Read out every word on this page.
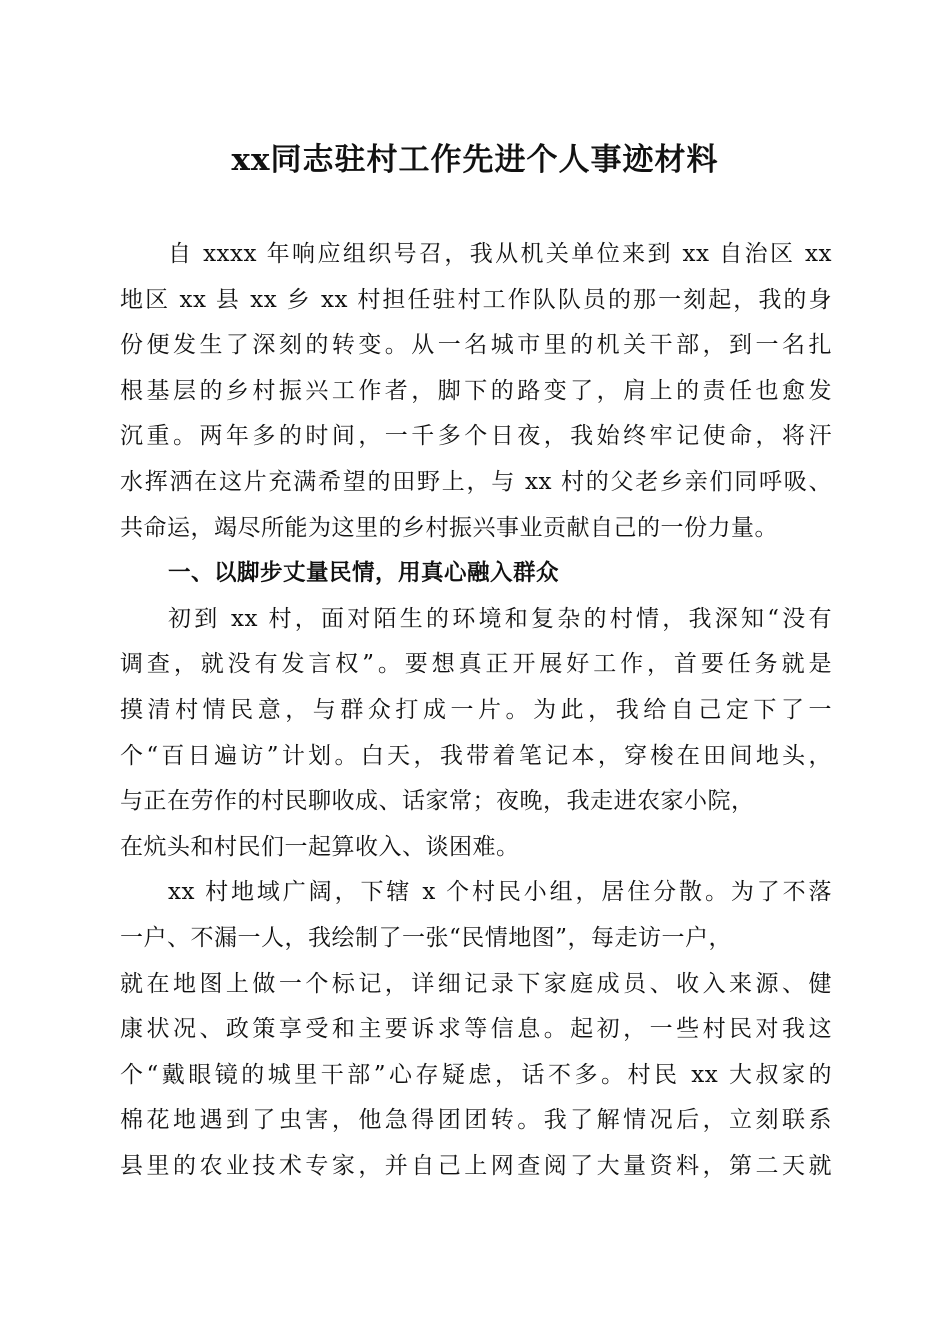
xx同志驻村工作先进个人事迹材料
自 xxxx 年响应组织号召，我从机关单位来到 xx 自治区 xx
地区 xx 县 xx 乡 xx 村担任驻村工作队队员的那一刻起，我的身
份便发生了深刻的转变。从一名城市里的机关干部，到一名扎
根基层的乡村振兴工作者，脚下的路变了，肩上的责任也愈发
沉重。两年多的时间，一千多个日夜，我始终牢记使命，将汗
水挥洒在这片充满希望的田野上，与 xx 村的父老乡亲们同呼吸、
共命运，竭尽所能为这里的乡村振兴事业贡献自己的一份力量。
一、以脚步丈量民情，用真心融入群众
初到 xx 村，面对陌生的环境和复杂的村情，我深知“没有
调查，就没有发言权”。要想真正开展好工作，首要任务就是
摸清村情民意，与群众打成一片。为此，我给自己定下了一
个“百日遍访”计划。白天，我带着笔记本，穿梭在田间地头，
与正在劳作的村民聊收成、话家常；夜晚，我走进农家小院，
在炕头和村民们一起算收入、谈困难。
xx 村地域广阔，下辖 x 个村民小组，居住分散。为了不落
一户、不漏一人，我绘制了一张“民情地图”，每走访一户，
就在地图上做一个标记，详细记录下家庭成员、收入来源、健
康状况、政策享受和主要诉求等信息。起初，一些村民对我这
个“戴眼镜的城里干部”心存疑虑，话不多。村民 xx 大叔家的
棉花地遇到了虫害，他急得团团转。我了解情况后，立刻联系
县里的农业技术专家，并自己上网查阅了大量资料，第二天就
